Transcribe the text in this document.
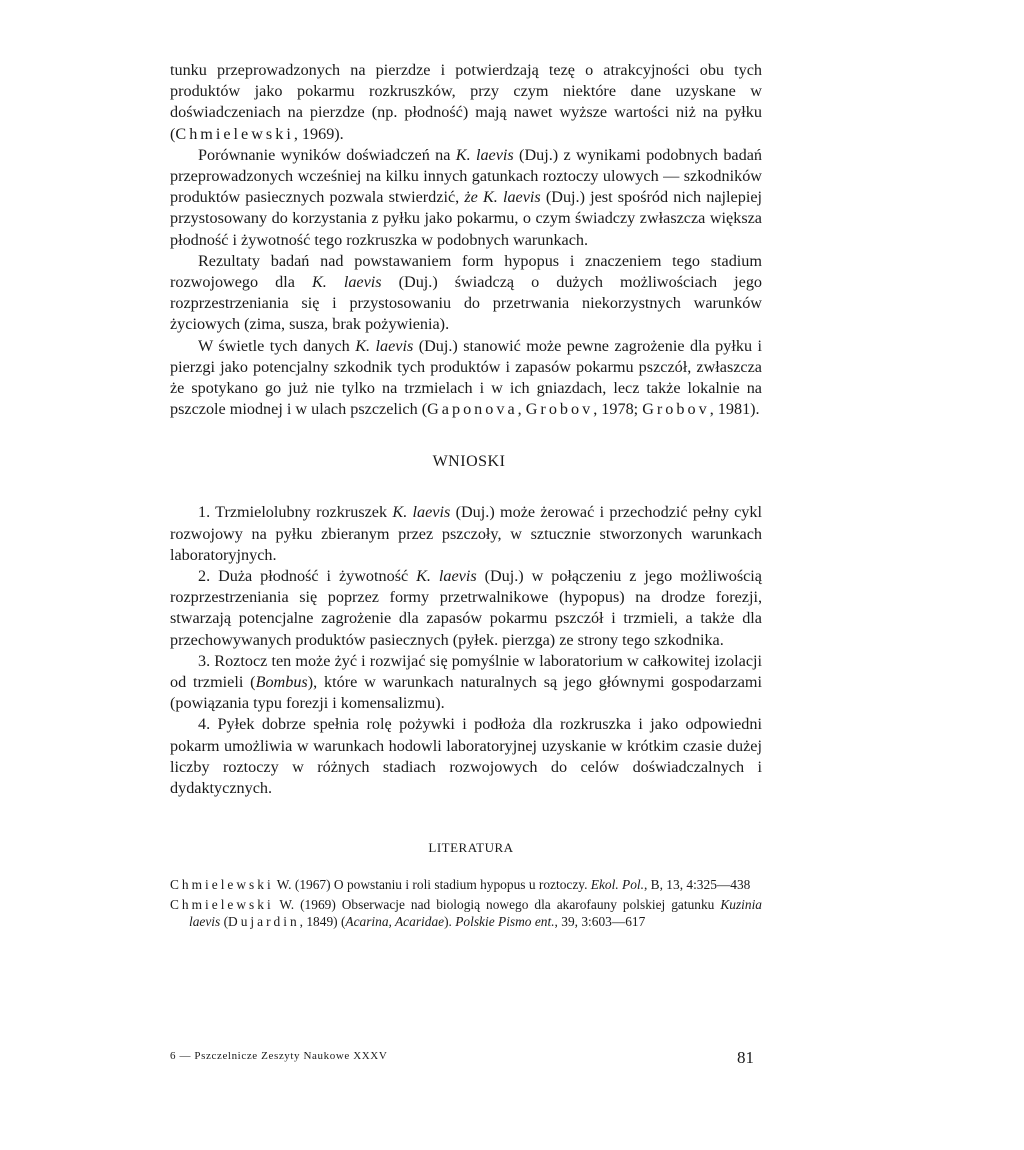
tunku przeprowadzonych na pierzdze i potwierdzają tezę o atrakcyjności obu tych produktów jako pokarmu rozkruszków, przy czym niektóre dane uzyskane w doświadczeniach na pierzdze (np. płodność) mają nawet wyższe wartości niż na pyłku (Chmielewski, 1969).

Porównanie wyników doświadczeń na K. laevis (Duj.) z wynikami podobnych badań przeprowadzonych wcześniej na kilku innych gatunkach roztoczy ulowych — szkodników produktów pasiecznych pozwala stwierdzić, że K. laevis (Duj.) jest spośród nich najlepiej przystosowany do korzystania z pyłku jako pokarmu, o czym świadczy zwłaszcza większa płodność i żywotność tego rozkruszka w podobnych warunkach.

Rezultaty badań nad powstawaniem form hypopus i znaczeniem tego stadium rozwojowego dla K. laevis (Duj.) świadczą o dużych możliwościach jego rozprzestrzeniania się i przystosowaniu do przetrwania niekorzystnych warunków życiowych (zima, susza, brak pożywienia).

W świetle tych danych K. laevis (Duj.) stanowić może pewne zagrożenie dla pyłku i pierzgi jako potencjalny szkodnik tych produktów i zapasów pokarmu pszczół, zwłaszcza że spotykano go już nie tylko na trzmielach i w ich gniazdach, lecz także lokalnie na pszczole miodnej i w ulach pszczelich (Gaponova, Grobov, 1978; Grobov, 1981).

WNIOSKI

1. Trzmielolubny rozkruszek K. laevis (Duj.) może żerować i przechodzić pełny cykl rozwojowy na pyłku zbieranym przez pszczoły, w sztucznie stworzonych warunkach laboratoryjnych.

2. Duża płodność i żywotność K. laevis (Duj.) w połączeniu z jego możliwością rozprzestrzeniania się poprzez formy przetrwalnikowe (hypopus) na drodze forezji, stwarzają potencjalne zagrożenie dla zapasów pokarmu pszczół i trzmieli, a także dla przechowywanych produktów pasiecznych (pyłek. pierzga) ze strony tego szkodnika.

3. Roztocz ten może żyć i rozwijać się pomyślnie w laboratorium w całkowitej izolacji od trzmieli (Bombus), które w warunkach naturalnych są jego głównymi gospodarzami (powiązania typu forezji i komensalizmu).

4. Pyłek dobrze spełnia rolę pożywki i podłoża dla rozkruszka i jako odpowiedni pokarm umożliwia w warunkach hodowli laboratoryjnej uzyskanie w krótkim czasie dużej liczby roztoczy w różnych stadiach rozwojowych do celów doświadczalnych i dydaktycznych.

LITERATURA

Chmielewski W. (1967) O powstaniu i roli stadium hypopus u roztoczy. Ekol. Pol., B, 13, 4:325—438

Chmielewski W. (1969) Obserwacje nad biologią nowego dla akarofauny polskiej gatunku Kuzinia laevis (Dujardin, 1849) (Acarina, Acaridae). Polskie Pismo ent., 39, 3:603—617

6 — Pszczelnicze Zeszyty Naukowe XXXV	81
